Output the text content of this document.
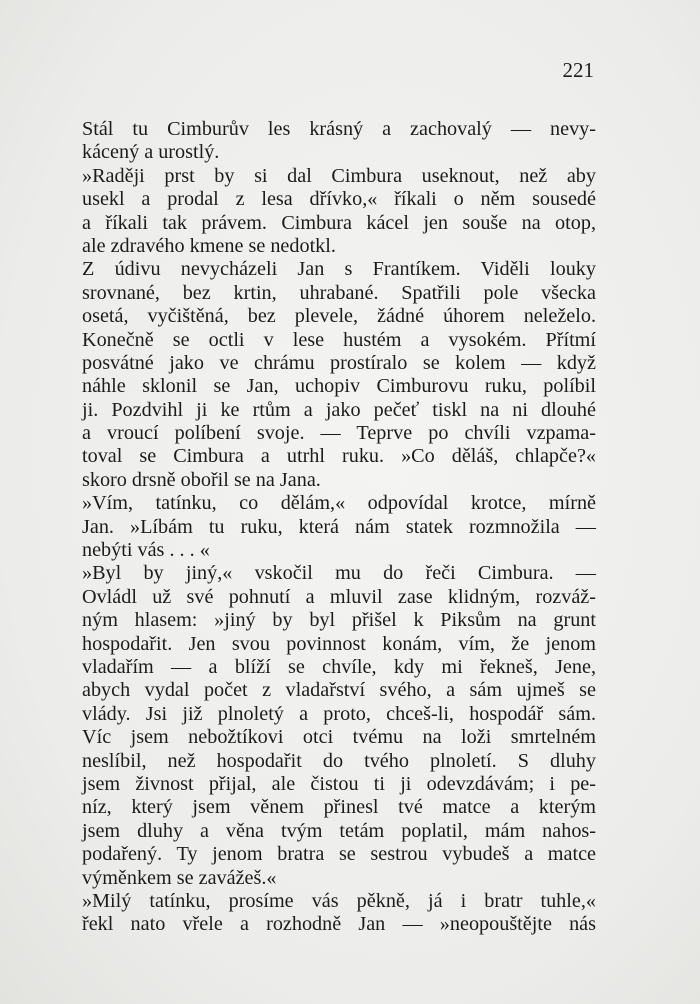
221
Stál tu Cimburův les krásný a zachovalý — nevy-
kácený a urostlý.
»Raději prst by si dal Cimbura useknout, než aby
usekl a prodal z lesa dřívko,« říkali o něm sousedé
a říkali tak právem. Cimbura kácel jen souše na otop,
ale zdravého kmene se nedotkl.
Z údivu nevycházeli Jan s Frantíkem. Viděli louky
srovnané, bez krtin, uhrabané. Spatřili pole všecka
osetá, vyčištěná, bez plevele, žádné úhorem neleželo.
Konečně se octli v lese hustém a vysokém. Přítmí
posvátné jako ve chrámu prostíralo se kolem — když
náhle sklonil se Jan, uchopiv Cimburovu ruku, políbil
ji. Pozdvihl ji ke rtům a jako pečeť tiskl na ni dlouhé
a vroucí políbení svoje. — Teprve po chvíli vzpama-
toval se Cimbura a utrhl ruku. »Co děláš, chlapče?«
skoro drsně obořil se na Jana.
»Vím, tatínku, co dělám,« odpovídal krotce, mírně
Jan. »Líbám tu ruku, která nám statek rozmnožila —
nebýti vás . . . «
»Byl by jiný,« vskočil mu do řeči Cimbura. —
Ovládl už své pohnutí a mluvil zase klidným, rozváž-
ným hlasem: »jiný by byl přišel k Piksům na grunt
hospodařit. Jen svou povinnost konám, vím, že jenom
vladařím — a blíží se chvíle, kdy mi řekneš, Jene,
abych vydal počet z vladařství svého, a sám ujmeš se
vlády. Jsi již plnoletý a proto, chceš-li, hospodář sám.
Víc jsem nebožtíkovi otci tvému na loži smrtelném
neslíbil, než hospodařit do tvého plnoletí. S dluhy
jsem živnost přijal, ale čistou ti ji odevzdávám; i pe-
níz, který jsem věnem přinesl tvé matce a kterým
jsem dluhy a věna tvým tetám poplatil, mám nahos-
podařený. Ty jenom bratra se sestrou vybudeš a matce
výměnkem se zavážeš.«
»Milý tatínku, prosíme vás pěkně, já i bratr tuhle,«
řekl nato vřele a rozhodně Jan — »neopouštějte nás
